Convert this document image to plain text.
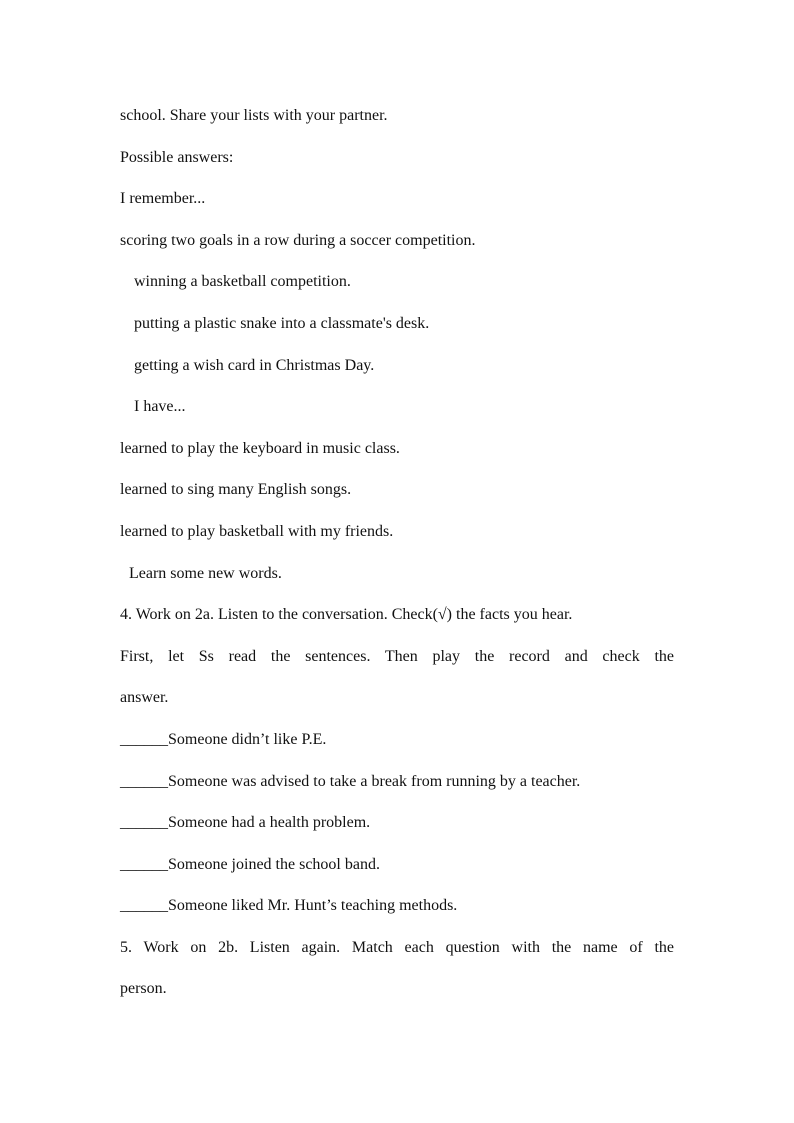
school. Share your lists with your partner.
Possible answers:
I remember...
scoring two goals in a row during a soccer competition.
winning a basketball competition.
putting a plastic snake into a classmate's desk.
getting a wish card in Christmas Day.
I have...
learned to play the keyboard in music class.
learned to sing many English songs.
learned to play basketball with my friends.
Learn some new words.
4. Work on 2a. Listen to the conversation. Check(√) the facts you hear.
First, let Ss read the sentences. Then play the record and check the
answer.
______Someone didn’t like P.E.
______Someone was advised to take a break from running by a teacher.
______Someone had a health problem.
______Someone joined the school band.
______Someone liked Mr. Hunt’s teaching methods.
5. Work on 2b. Listen again. Match each question with the name of the
person.
